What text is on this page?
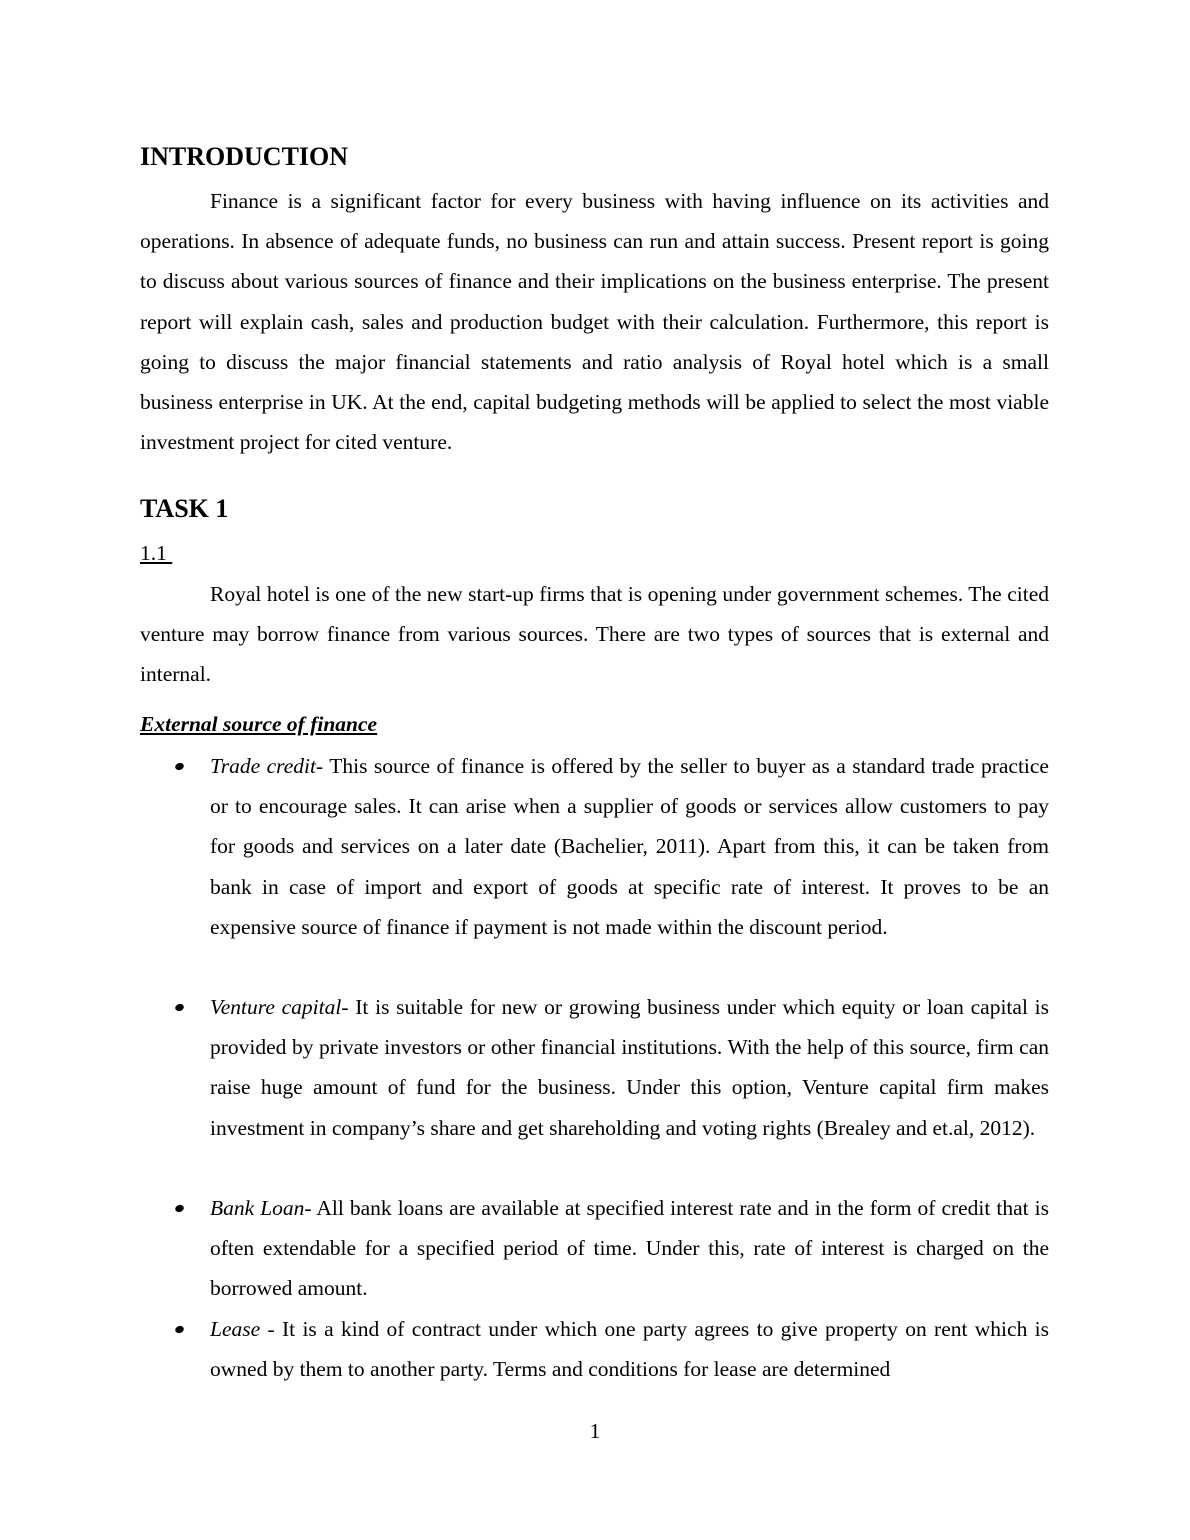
INTRODUCTION

Finance is a significant factor for every business with having influence on its activities and operations. In absence of adequate funds, no business can run and attain success. Present report is going to discuss about various sources of finance and their implications on the business enterprise. The present report will explain cash, sales and production budget with their calculation. Furthermore, this report is going to discuss the major financial statements and ratio analysis of Royal hotel which is a small business enterprise in UK. At the end, capital budgeting methods will be applied to select the most viable investment project for cited venture.

TASK 1
1.1

Royal hotel is one of the new start-up firms that is opening under government schemes. The cited venture may borrow finance from various sources. There are two types of sources that is external and internal.

External source of finance
Trade credit- This source of finance is offered by the seller to buyer as a standard trade practice or to encourage sales. It can arise when a supplier of goods or services allow customers to pay for goods and services on a later date (Bachelier, 2011). Apart from this, it can be taken from bank in case of import and export of goods at specific rate of interest. It proves to be an expensive source of finance if payment is not made within the discount period.
Venture capital- It is suitable for new or growing business under which equity or loan capital is provided by private investors or other financial institutions. With the help of this source, firm can raise huge amount of fund for the business. Under this option, Venture capital firm makes investment in company’s share and get shareholding and voting rights (Brealey and et.al, 2012).
Bank Loan- All bank loans are available at specified interest rate and in the form of credit that is often extendable for a specified period of time. Under this, rate of interest is charged on the borrowed amount.
Lease - It is a kind of contract under which one party agrees to give property on rent which is owned by them to another party. Terms and conditions for lease are determined
1
